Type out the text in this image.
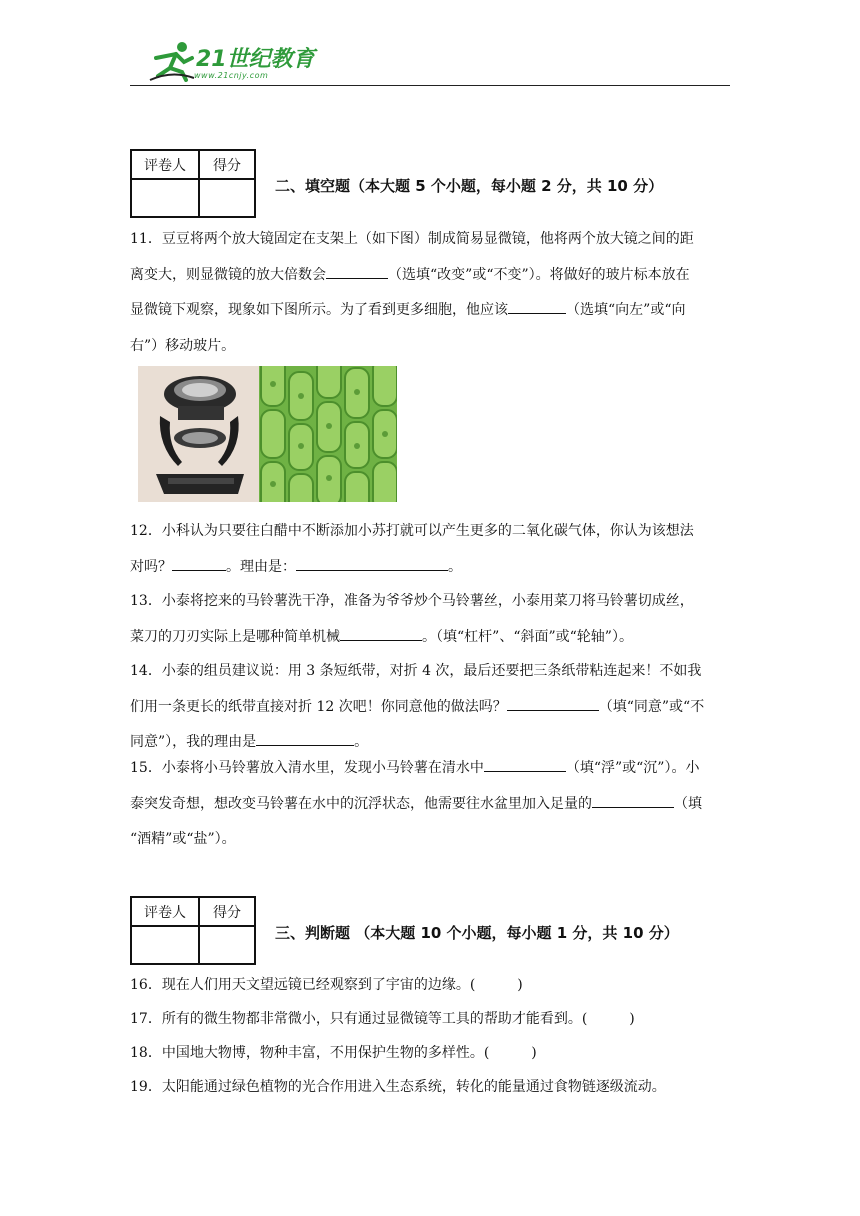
21世纪教育
www.21cnjy.com
评卷人	得分

二、填空题（本大题 5 个小题，每小题 2 分，共 10 分）

11．豆豆将两个放大镜固定在支架上（如下图）制成简易显微镜，他将两个放大镜之间的距

离变大，则显微镜的放大倍数会	（选填“改变”或“不变”）。将做好的玻片标本放在

显微镜下观察，现象如下图所示。为了看到更多细胞，他应该	（选填“向左”或“向

右”）移动玻片。

12．小科认为只要往白醋中不断添加小苏打就可以产生更多的二氧化碳气体，你认为该想法

对吗？	。理由是：	。

13．小泰将挖来的马铃薯洗干净，准备为爷爷炒个马铃薯丝，小泰用菜刀将马铃薯切成丝，

菜刀的刀刃实际上是哪种简单机械	。（填“杠杆”、“斜面”或“轮轴”）。

14．小泰的组员建议说：用 3 条短纸带，对折 4 次，最后还要把三条纸带粘连起来！不如我

们用一条更长的纸带直接对折 12 次吧！你同意他的做法吗？	（填“同意”或“不

同意”），我的理由是	。

15．小泰将小马铃薯放入清水里，发现小马铃薯在清水中	（填“浮”或“沉”）。小

泰突发奇想，想改变马铃薯在水中的沉浮状态，他需要往水盆里加入足量的	（填

“酒精”或“盐”）。

评卷人	得分

三、判断题 （本大题 10 个小题，每小题 1 分，共 10 分）

16．现在人们用天文望远镜已经观察到了宇宙的边缘。(	)

17．所有的微生物都非常微小，只有通过显微镜等工具的帮助才能看到。(	)

18．中国地大物博，物种丰富，不用保护生物的多样性。(	)

19．太阳能通过绿色植物的光合作用进入生态系统，转化的能量通过食物链逐级流动。
